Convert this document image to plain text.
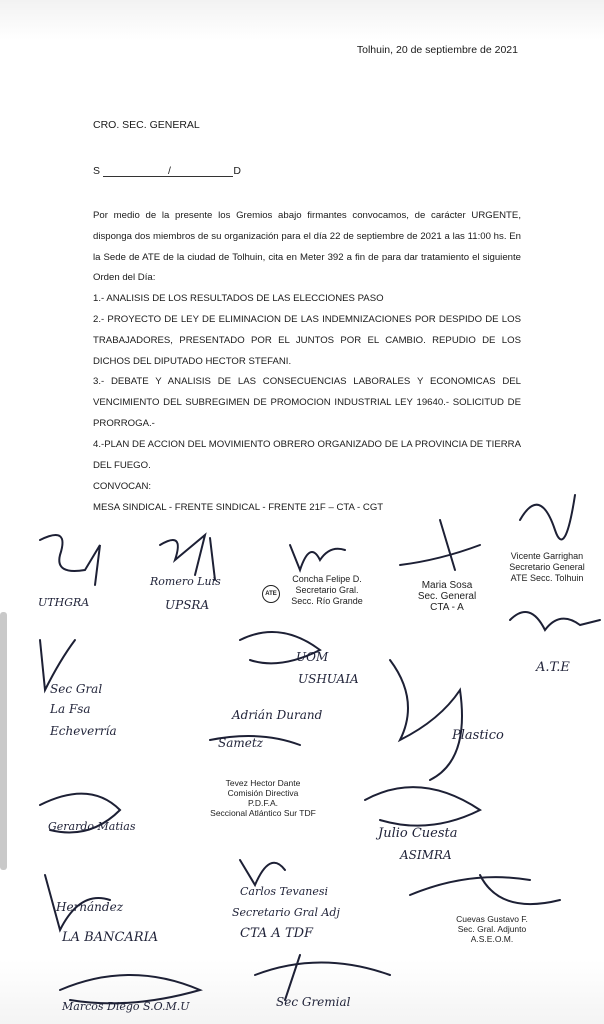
Tolhuin, 20 de septiembre de 2021
CRO. SEC. GENERAL
S	/	D

Por medio de la presente los Gremios abajo firmantes convocamos, de carácter URGENTE, disponga dos miembros de su organización para el día 22 de septiembre de 2021 a las 11:00 hs. En la Sede de ATE de la ciudad de Tolhuin, cita en Meter 392 a fin de para dar tratamiento el siguiente Orden del Día:

1.- ANALISIS DE LOS RESULTADOS DE LAS ELECCIONES PASO

2.- PROYECTO DE LEY DE ELIMINACION DE LAS INDEMNIZACIONES POR DESPIDO DE LOS TRABAJADORES, PRESENTADO POR EL JUNTOS POR EL CAMBIO. REPUDIO DE LOS DICHOS DEL DIPUTADO HECTOR STEFANI.

3.- DEBATE Y ANALISIS DE LAS CONSECUENCIAS LABORALES Y ECONOMICAS DEL VENCIMIENTO DEL SUBREGIMEN DE PROMOCION INDUSTRIAL LEY 19640.- SOLICITUD DE PRORROGA.-

4.-PLAN DE ACCION DEL MOVIMIENTO OBRERO ORGANIZADO DE LA PROVINCIA DE TIERRA DEL FUEGO.

CONVOCAN:
MESA SINDICAL - FRENTE SINDICAL - FRENTE 21F – CTA - CGT
Concha Felipe D.
Secretario Gral.
Secc. Río Grande
ATE
Maria Sosa
Sec. General
CTA - A
Vicente Garrighan
Secretario General
ATE Secc. Tolhuin
Tevez Hector Dante
Comisión Directiva
P.D.F.A.
Seccional Atlántico Sur TDF
Cuevas Gustavo F.
Sec. Gral. Adjunto
A.S.E.O.M.
UTHGRA
Romero Luis
UPSRA
A.T.E
Sec Gral
La Fsa
Echeverría
UOM
USHUAIA
Adrián Durand
Sametz	Plastico
Gerardo Matias	Julio Cuesta
ASIMRA
Hernández
LA BANCARIA
Carlos Tevanesi
Secretario Gral Adj
CTA A TDF
Marcos Diego S.O.M.U	Sec Gremial
